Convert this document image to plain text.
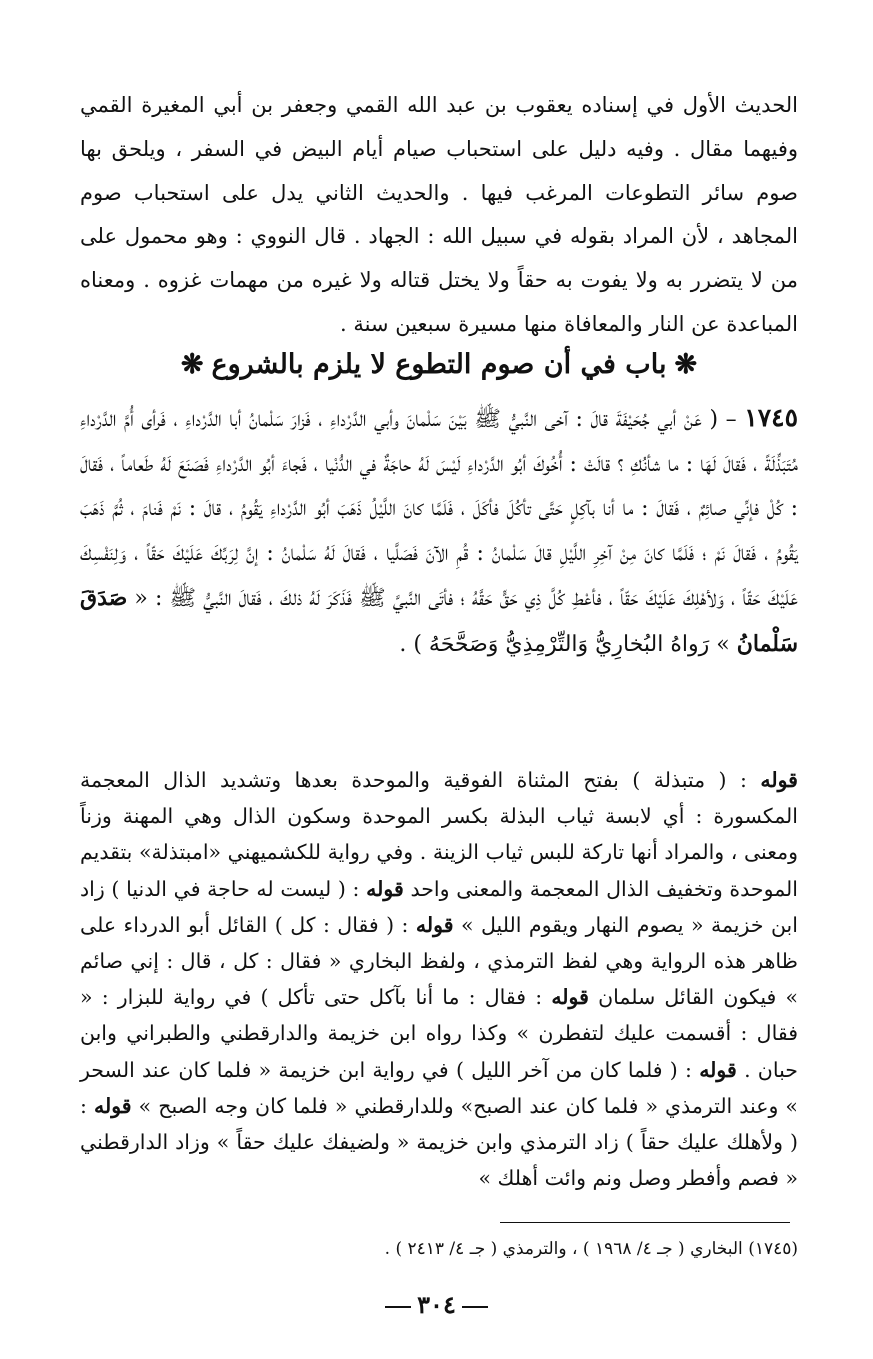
الحديث الأول في إسناده يعقوب بن عبد الله القمي وجعفر بن أبي المغيرة القمي وفيهما مقال . وفيه دليل على استحباب صيام أيام البيض في السفر ، ويلحق بها صوم سائر التطوعات المرغب فيها . والحديث الثاني يدل على استحباب صوم المجاهد ، لأن المراد بقوله في سبيل الله : الجهاد . قال النووي : وهو محمول على من لا يتضرر به ولا يفوت به حقاً ولا يختل قتاله ولا غيره من مهمات غزوه . ومعناه المباعدة عن النار والمعافاة منها مسيرة سبعين سنة .

❋باب في أن صوم التطوع لا يلزم بالشروع❋

١٧٤٥ – ( عَنْ أبي جُحَيْفَةَ قالَ : آخى النَّبيُّ ﷺ بَيْنَ سَلْمانَ وأبي الدَّرْداءِ ، فَزارَ سَلْمانُ أبا الدَّرْداءِ ، فَرأى أُمَّ الدَّرْداءِ مُتَبَذِّلَةً ، فَقالَ لَهَا : ما شأنُكِ ؟ قالَتْ : أُخُوكَ أبُو الدَّرْداءِ لَيْسَ لَهُ حاجَةٌ في الدُّنْيا ، فَجاءَ أبُو الدَّرْداءِ فَصَنَعَ لَهُ طَعاماً ، فَقالَ : كُلْ فإنِّي صائِمٌ ، فَقالَ : ما أنا بآكِلٍ حَتَّى تأكُلَ فأكَلَ ، فَلَمَّا كانَ اللَّيْلُ ذَهَبَ أبُو الدَّرْداءِ يَقُومُ ، قالَ : نَمْ فَنامَ ، ثُمَّ ذَهَبَ يَقُومُ ، فَقالَ نَمْ ؛ فَلَمَّا كانَ مِنْ آخِرِ اللَّيْلِ قالَ سَلْمانُ : قُمِ الآنَ فَصَلَّيا ، فَقالَ لَهُ سَلْمانُ : إنَّ لِرَبِّكَ عَلَيْكَ حَقّاً ، وَلِنَفْسِكَ عَلَيْكَ حَقّاً ، وَلأهْلِكَ عَلَيْكَ حَقّاً ، فأعْطِ كُلَّ ذِي حَقٍّ حَقَّهُ ؛ فأتَى النَّبيَّ ﷺ فَذَكَرَ لَهُ ذلكَ ، فَقالَ النَّبيُّ ﷺ : « صَدَقَ سَلْمانُ » رَواهُ البُخارِيُّ وَالتِّرْمِذِيُّ وَصَحَّحَهُ ) .

قوله : ( متبذلة ) بفتح المثناة الفوقية والموحدة بعدها وتشديد الذال المعجمة المكسورة : أي لابسة ثياب البذلة بكسر الموحدة وسكون الذال وهي المهنة وزناً ومعنى ، والمراد أنها تاركة للبس ثياب الزينة . وفي رواية للكشميهني «امبتذلة» بتقديم الموحدة وتخفيف الذال المعجمة والمعنى واحد قوله : ( ليست له حاجة في الدنيا ) زاد ابن خزيمة « يصوم النهار ويقوم الليل » قوله : ( فقال : كل ) القائل أبو الدرداء على ظاهر هذه الرواية وهي لفظ الترمذي ، ولفظ البخاري « فقال : كل ، قال : إني صائم » فيكون القائل سلمان قوله : فقال : ما أنا بآكل حتى تأكل ) في رواية للبزار : « فقال : أقسمت عليك لتفطرن » وكذا رواه ابن خزيمة والدارقطني والطبراني وابن حبان . قوله : ( فلما كان من آخر الليل ) في رواية ابن خزيمة « فلما كان عند السحر » وعند الترمذي « فلما كان عند الصبح» وللدارقطني « فلما كان وجه الصبح » قوله : ( ولأهلك عليك حقاً ) زاد الترمذي وابن خزيمة « ولضيفك عليك حقاً » وزاد الدارقطني « فصم وأفطر وصل ونم وائت أهلك »

(١٧٤٥) البخاري ( جـ ٤/ ١٩٦٨ ) ، والترمذي ( جـ ٤/ ٢٤١٣ ) .

٣٠٤
